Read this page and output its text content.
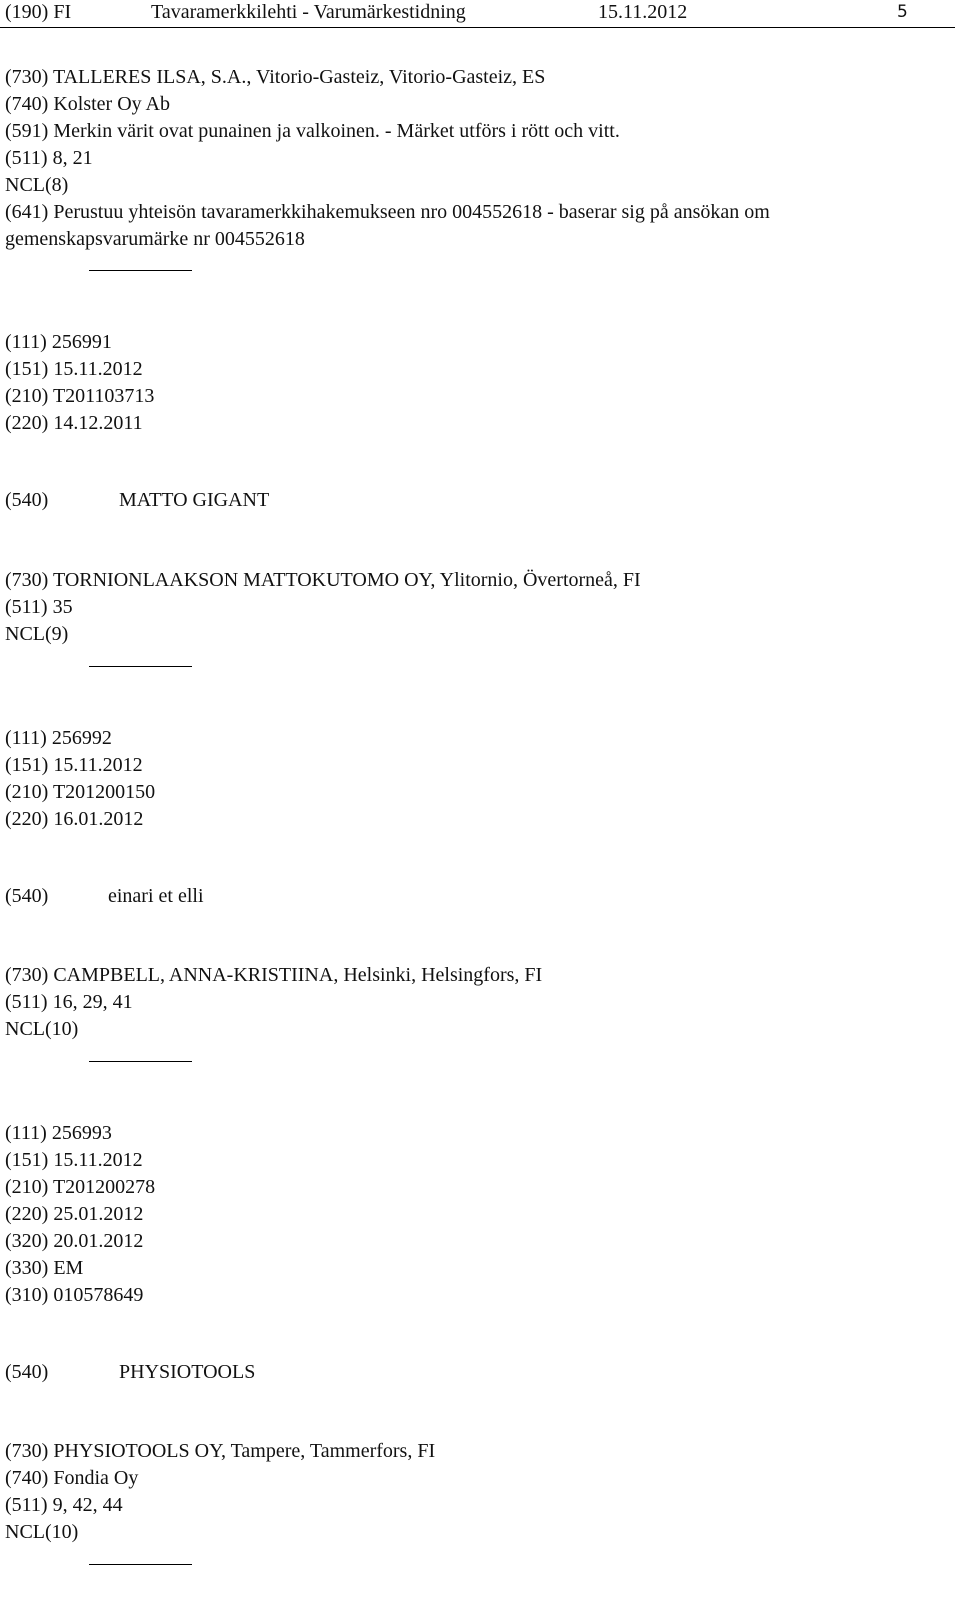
(190) FI	Tavaramerkkilehti - Varumärkestidning	15.11.2012	5
(730) TALLERES ILSA, S.A., Vitorio-Gasteiz, Vitorio-Gasteiz, ES
(740) Kolster Oy Ab
(591) Merkin värit ovat punainen ja valkoinen. - Märket utförs i rött och vitt.
(511) 8, 21
NCL(8)
(641) Perustuu yhteisön tavaramerkkihakemukseen nro 004552618 - baserar sig på ansökan om
gemenskapsvarumärke nr 004552618
(111) 256991
(151) 15.11.2012
(210) T201103713
(220) 14.12.2011
(540)	MATTO GIGANT
(730) TORNIONLAAKSON MATTOKUTOMO OY, Ylitornio, Övertorneå, FI
(511) 35
NCL(9)
(111) 256992
(151) 15.11.2012
(210) T201200150
(220) 16.01.2012
(540)	einari et elli
(730) CAMPBELL, ANNA-KRISTIINA, Helsinki, Helsingfors, FI
(511) 16, 29, 41
NCL(10)
(111) 256993
(151) 15.11.2012
(210) T201200278
(220) 25.01.2012
(320) 20.01.2012
(330) EM
(310) 010578649
(540)	PHYSIOTOOLS
(730) PHYSIOTOOLS OY, Tampere, Tammerfors, FI
(740) Fondia Oy
(511) 9, 42, 44
NCL(10)
